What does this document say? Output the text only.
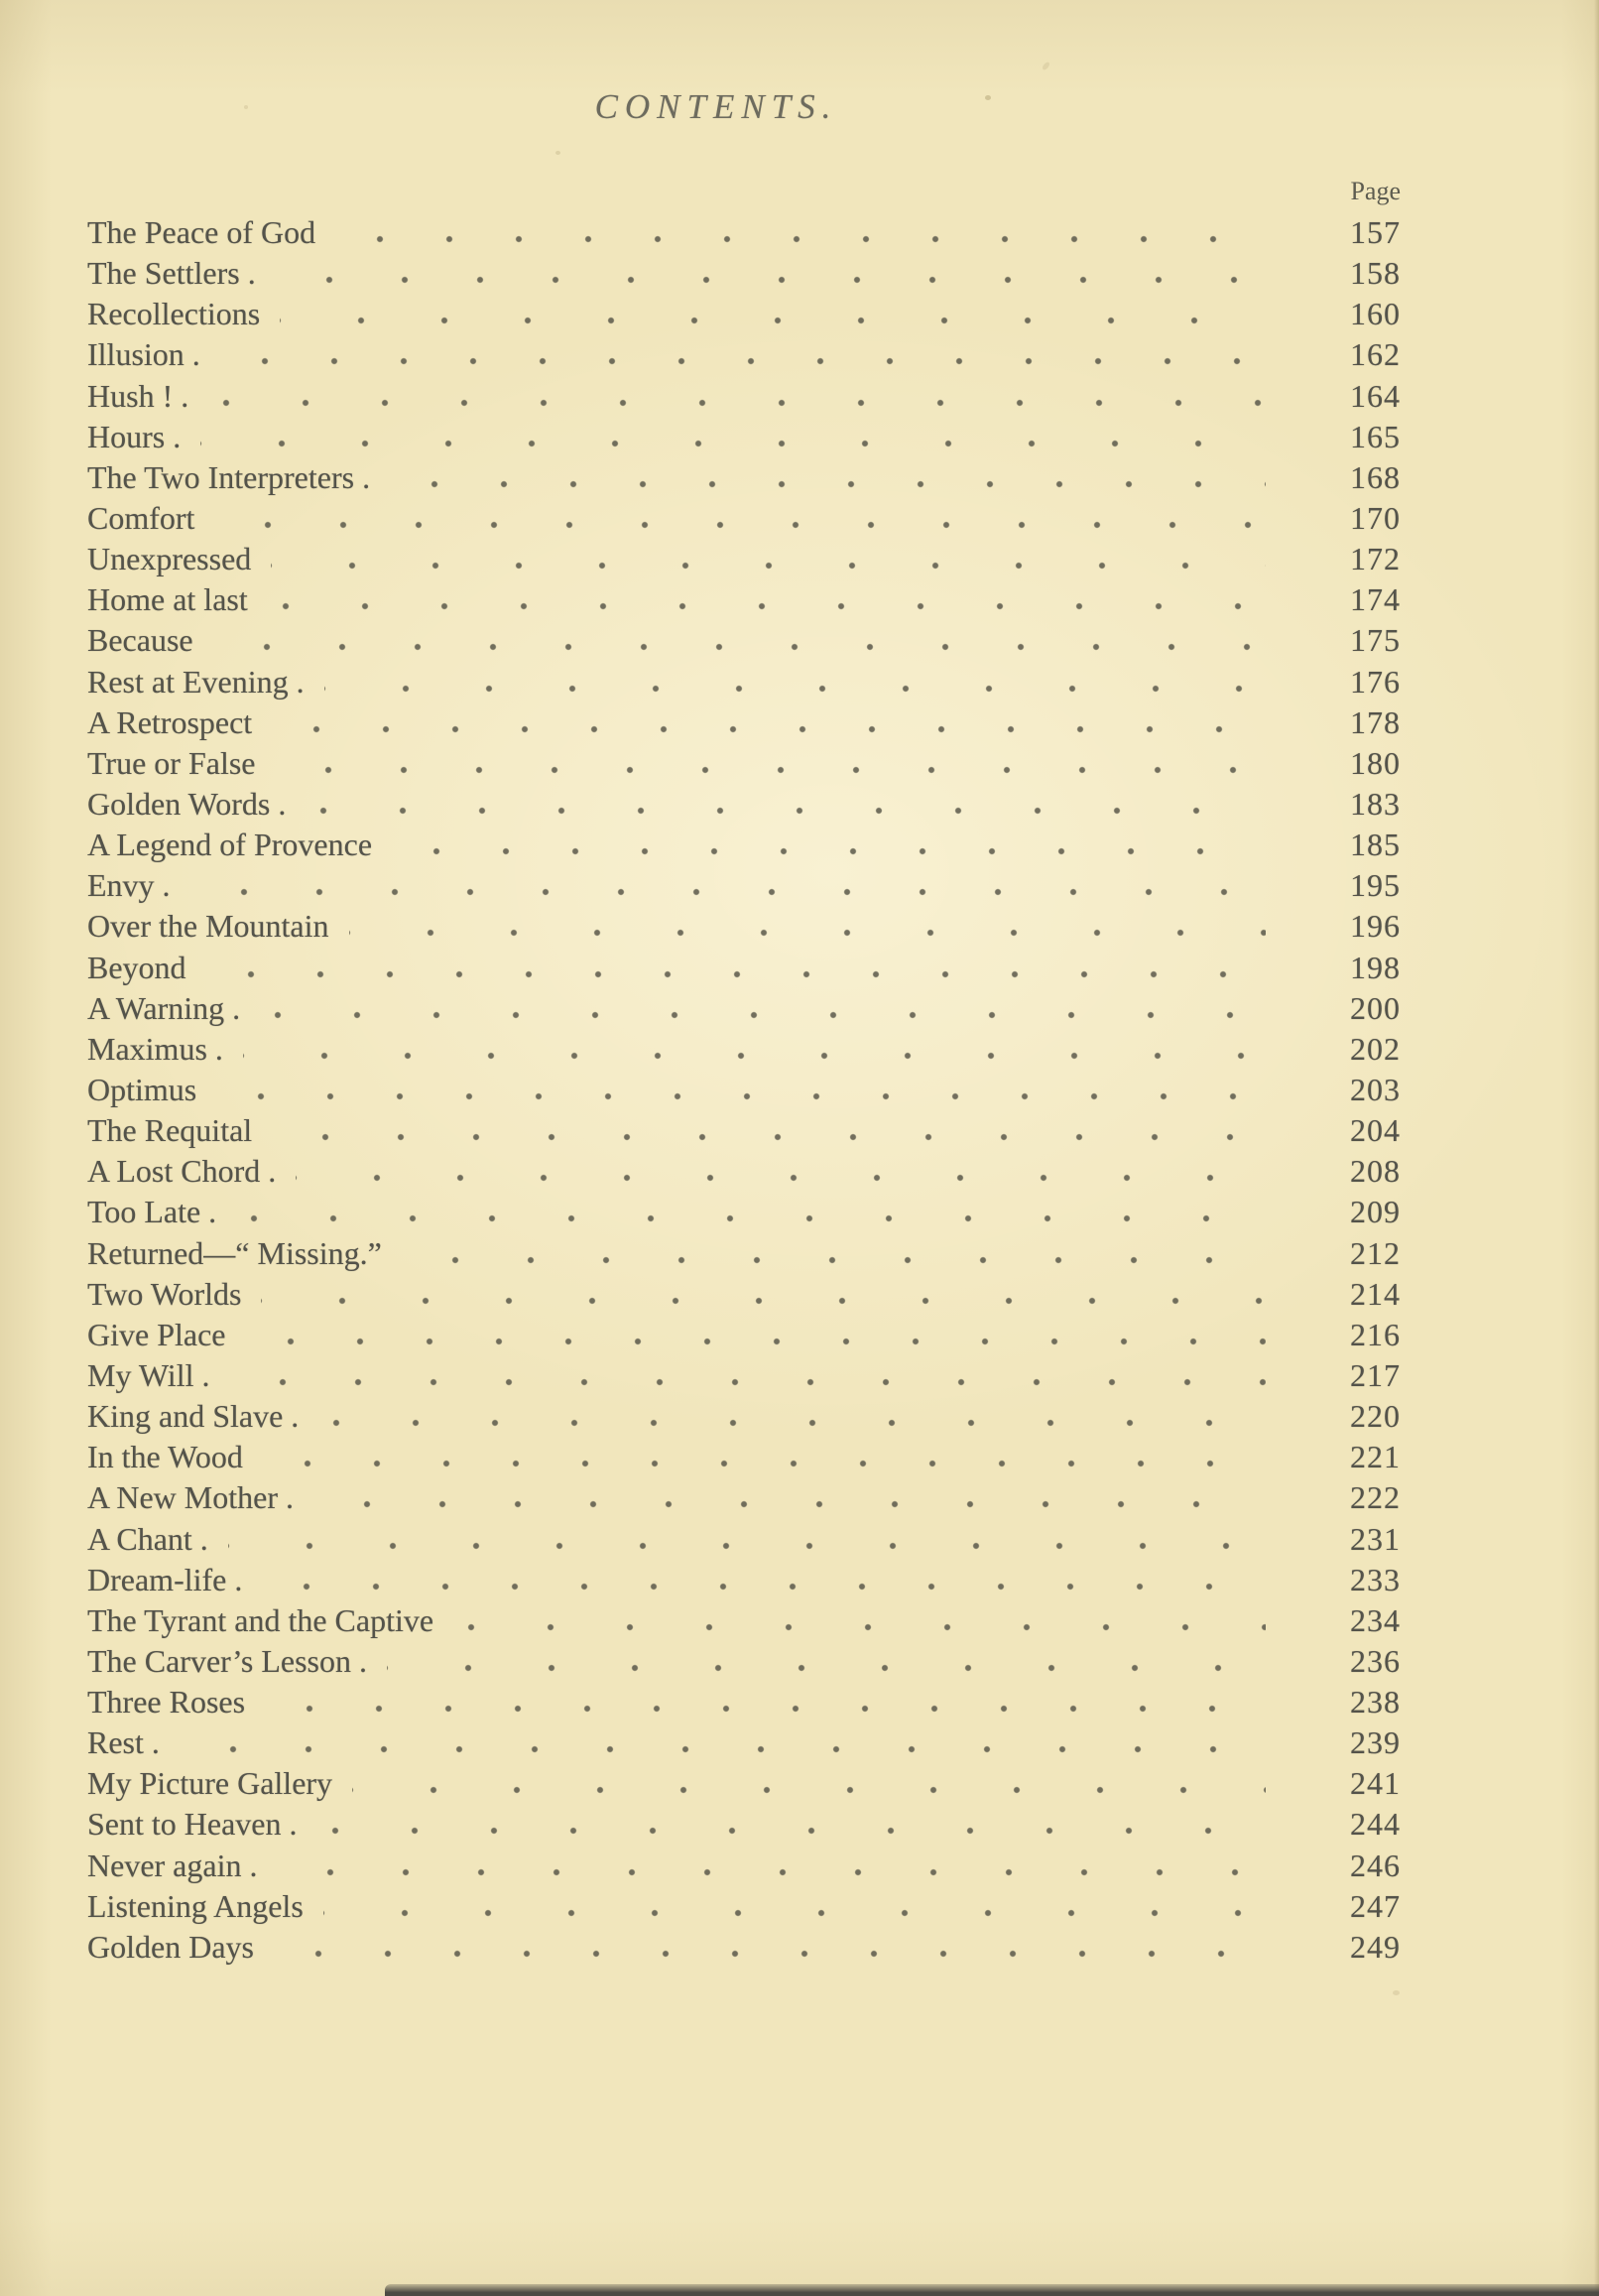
CONTENTS.
Page
The Peace of God	157
The Settlers .	158
Recollections	160
Illusion .	162
Hush ! .	164
Hours .	165
The Two Interpreters .	168
Comfort	170
Unexpressed	172
Home at last	174
Because	175
Rest at Evening .	176
A Retrospect	178
True or False	180
Golden Words .	183
A Legend of Provence	185
Envy .	195
Over the Mountain	196
Beyond	198
A Warning .	200
Maximus .	202
Optimus	203
The Requital	204
A Lost Chord .	208
Too Late .	209
Returned—“ Missing.”	212
Two Worlds	214
Give Place	216
My Will .	217
King and Slave .	220
In the Wood	221
A New Mother .	222
A Chant .	231
Dream-life .	233
The Tyrant and the Captive	234
The Carver’s Lesson .	236
Three Roses	238
Rest .	239
My Picture Gallery	241
Sent to Heaven .	244
Never again .	246
Listening Angels	247
Golden Days	249
